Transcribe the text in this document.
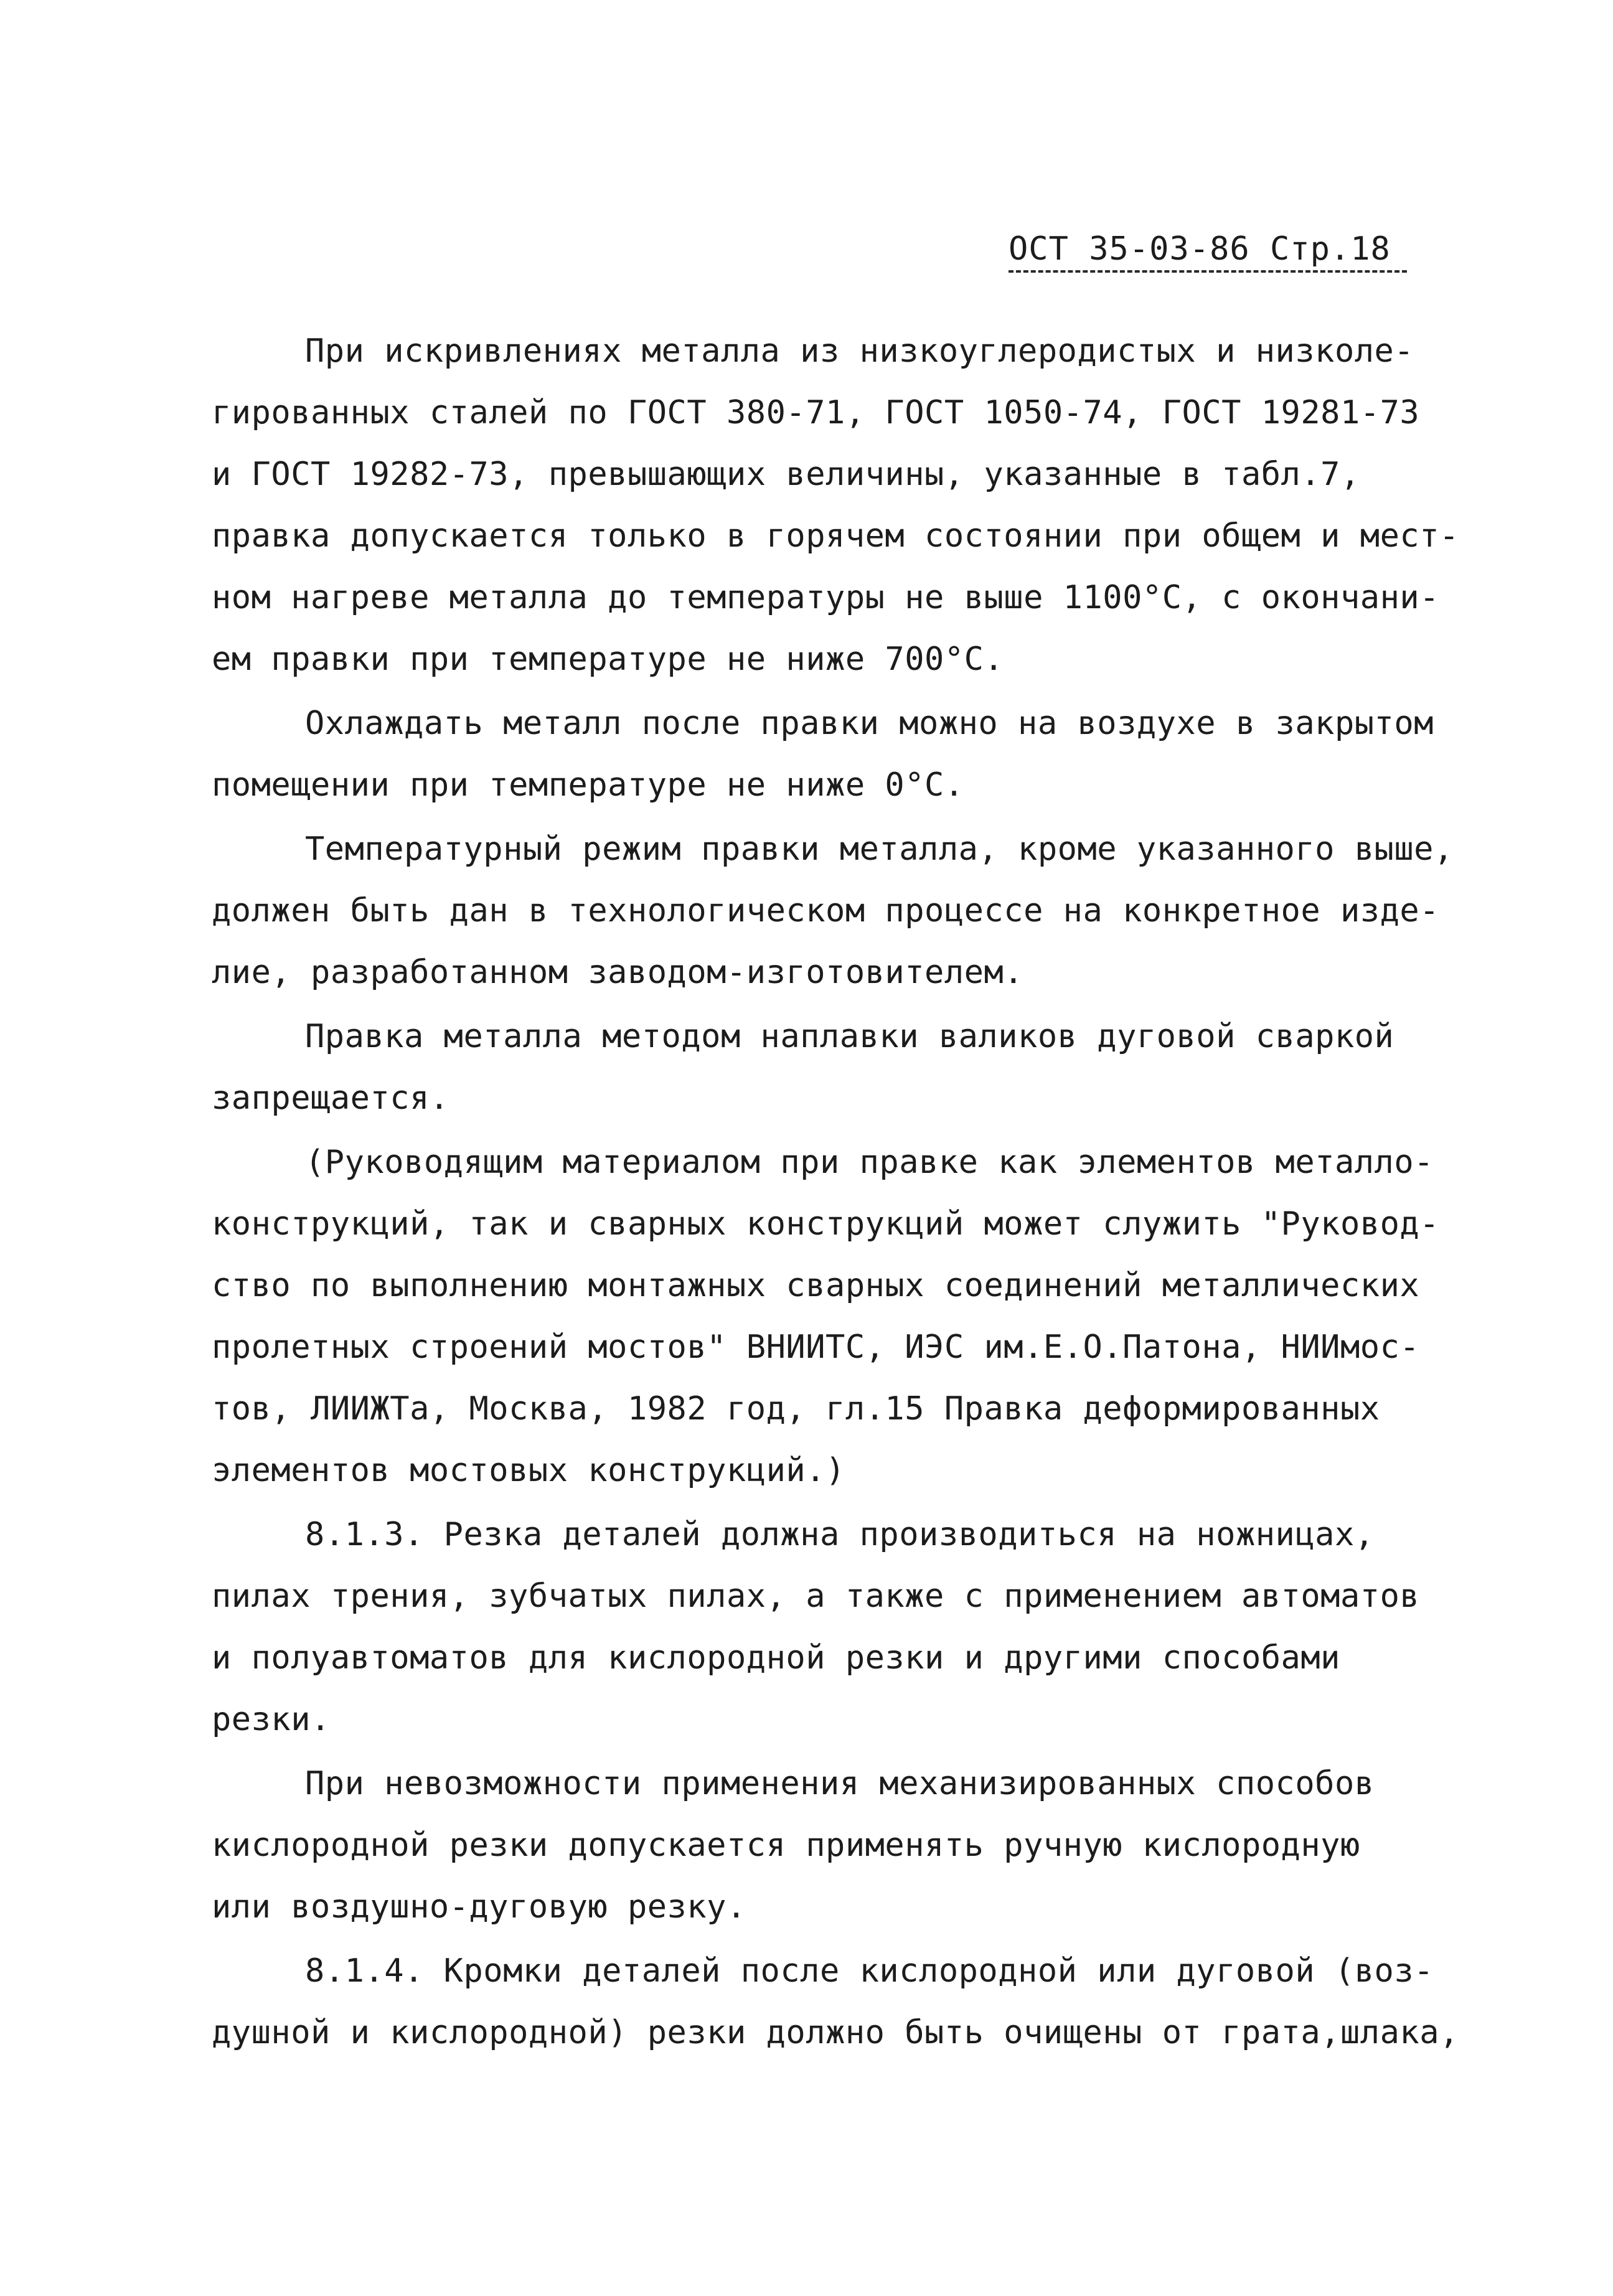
ОСТ 35-03-86 Стр.18
При искривлениях металла из низкоуглеродистых и низколе-
гированных сталей по ГОСТ 380-71, ГОСТ 1050-74, ГОСТ 19281-73
и ГОСТ 19282-73, превышающих величины, указанные в табл.7,
правка допускается только в горячем состоянии при общем и мест-
ном нагреве металла до температуры не выше 1100°С, с окончани-
ем правки при температуре не ниже 700°С.
Охлаждать металл после правки можно на воздухе в закрытом
помещении при температуре не ниже 0°С.
Температурный режим правки металла, кроме указанного выше,
должен быть дан в технологическом процессе на конкретное изде-
лие, разработанном заводом-изготовителем.
Правка металла методом наплавки валиков дуговой сваркой
запрещается.
(Руководящим материалом при правке как элементов металло-
конструкций, так и сварных конструкций может служить "Руковод-
ство по выполнению монтажных сварных соединений металлических
пролетных строений мостов" ВНИИТС, ИЭС им.Е.О.Патона, НИИмос-
тов, ЛИИЖТа, Москва, 1982 год, гл.15 Правка деформированных
элементов мостовых конструкций.)
8.1.3. Резка деталей должна производиться на ножницах,
пилах трения, зубчатых пилах, а также с применением автоматов
и полуавтоматов для кислородной резки и другими способами
резки.
При невозможности применения механизированных способов
кислородной резки допускается применять ручную кислородную
или воздушно-дуговую резку.
8.1.4. Кромки деталей после кислородной или дуговой (воз-
душной и кислородной) резки должно быть очищены от грата,шлака,
